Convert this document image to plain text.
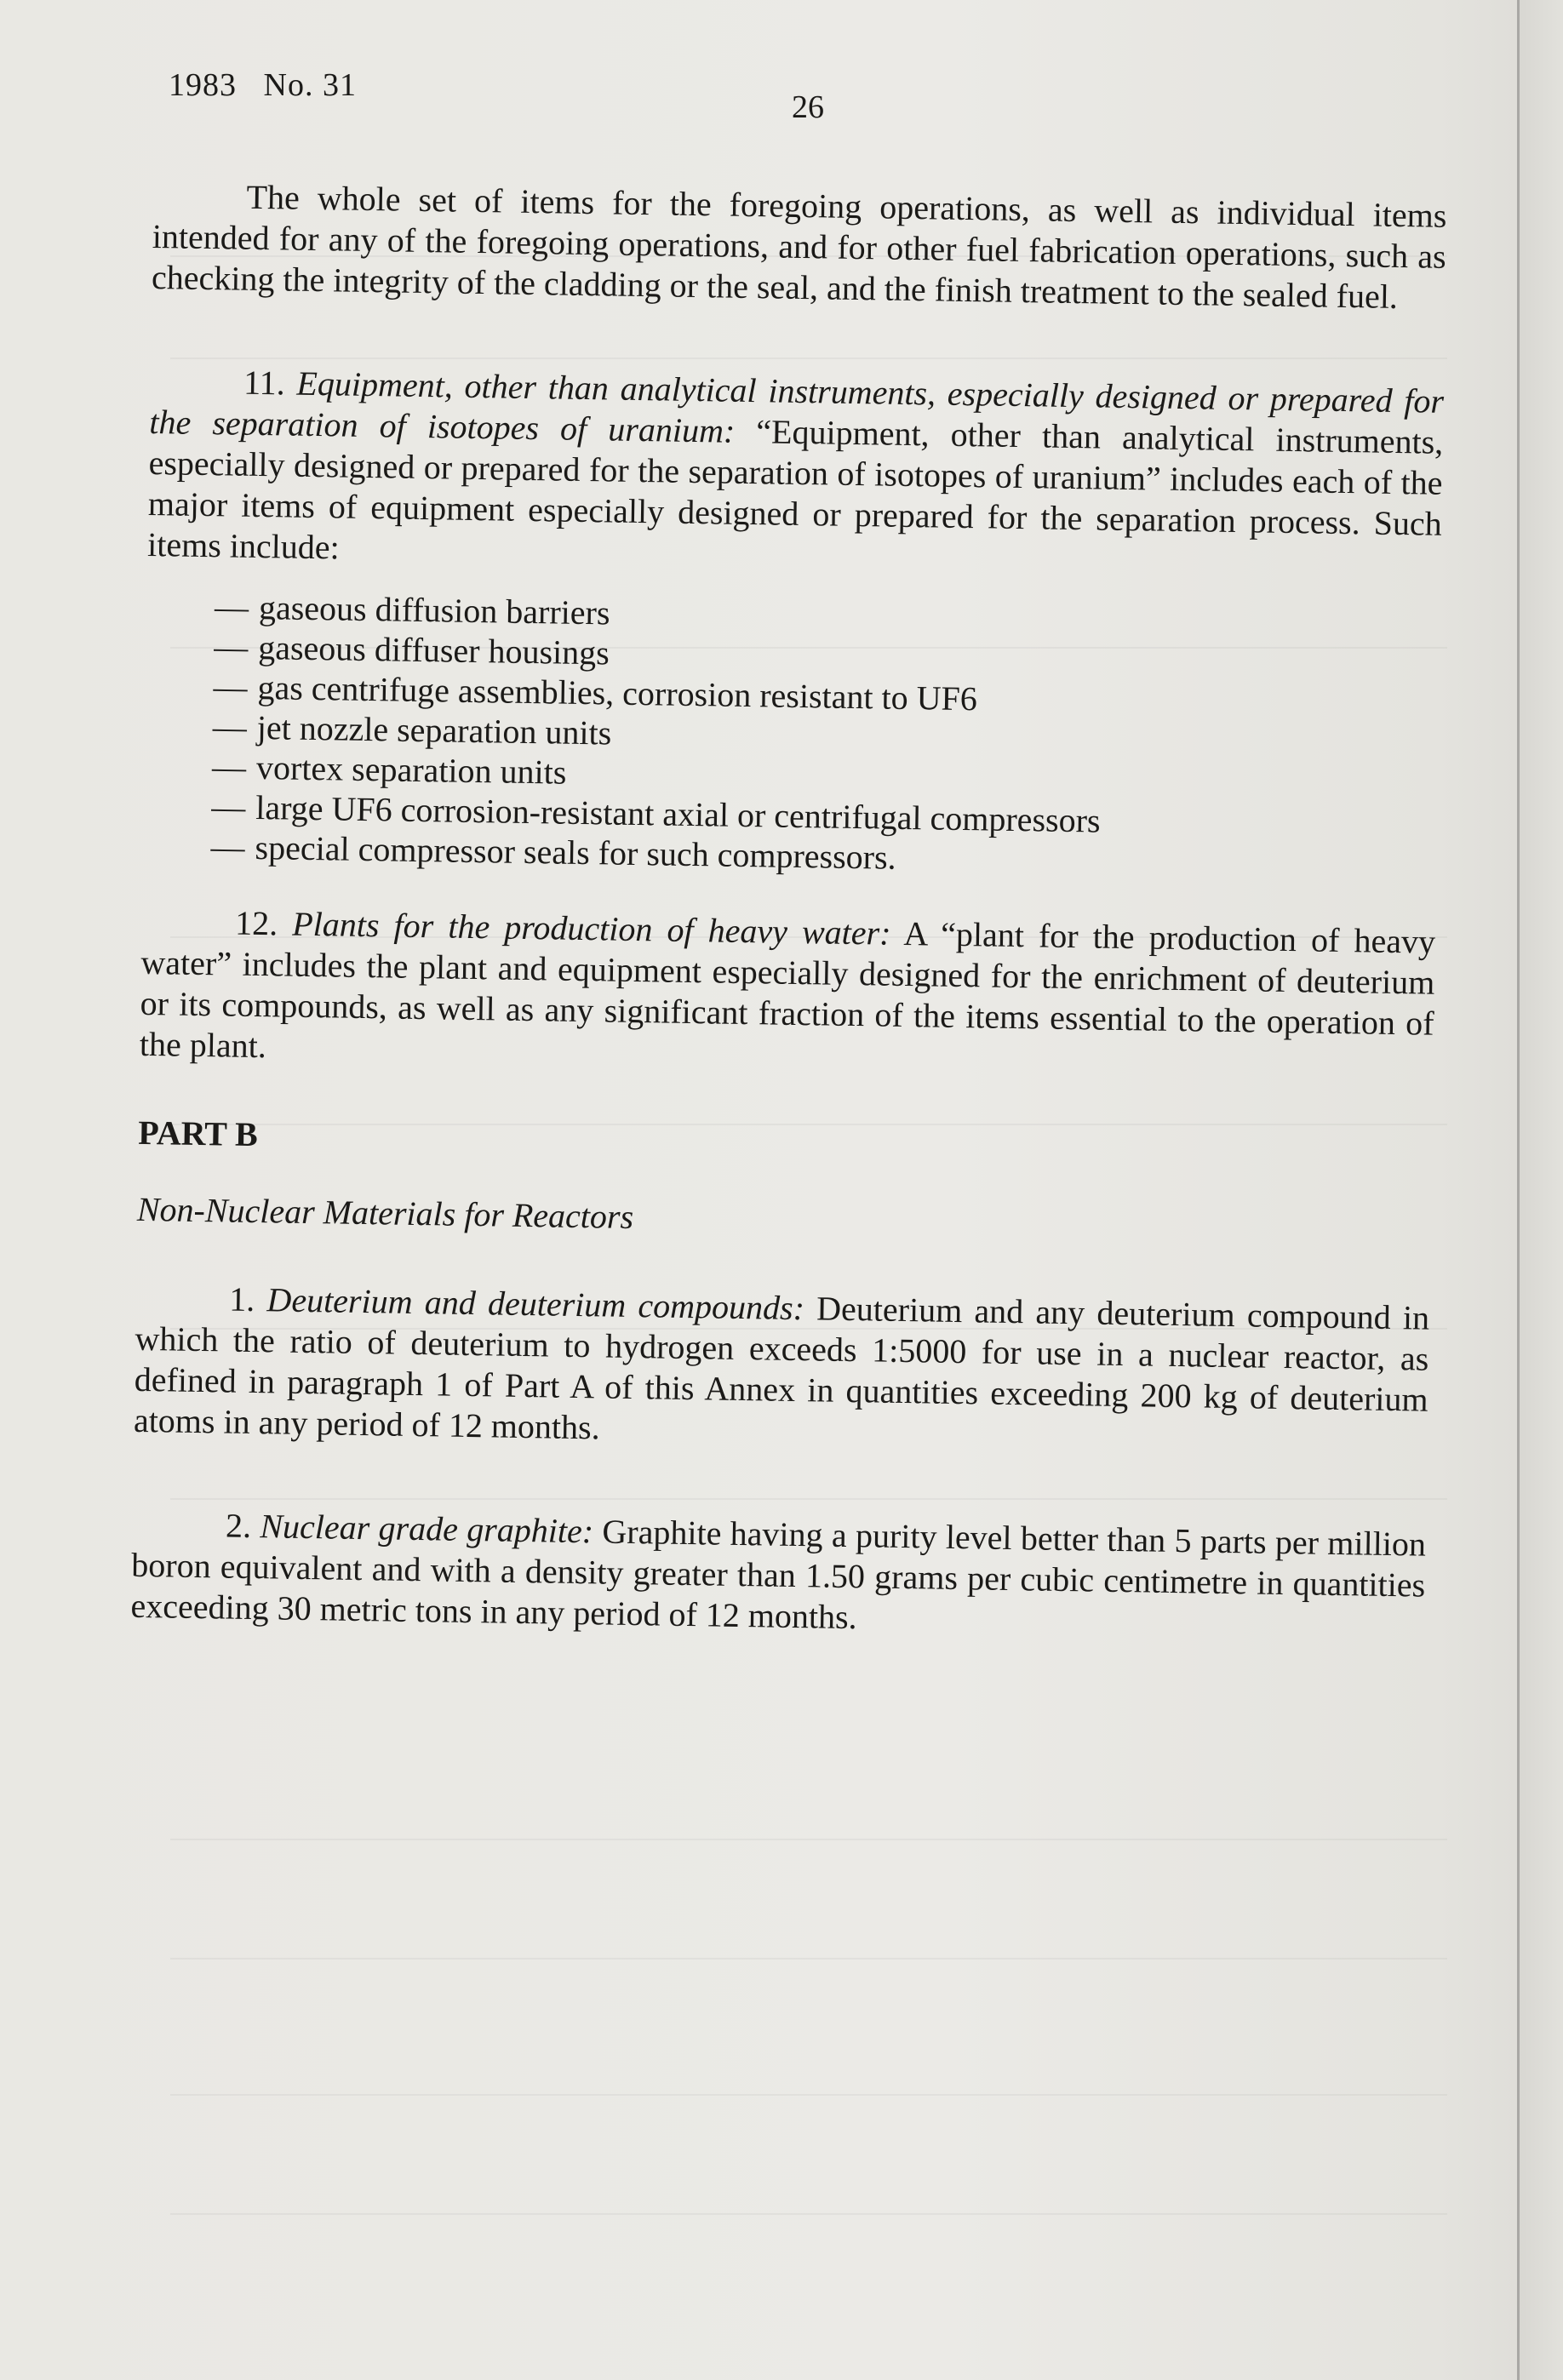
1983   No. 31
26

The whole set of items for the foregoing operations, as well as individual items intended for any of the foregoing operations, and for other fuel fabrication operations, such as checking the integrity of the cladding or the seal, and the finish treatment to the sealed fuel.

11. Equipment, other than analytical instruments, especially designed or prepared for the separation of isotopes of uranium: “Equipment, other than analytical instruments, especially designed or prepared for the separation of isotopes of uranium” includes each of the major items of equipment especially designed or prepared for the separation process. Such items include:

— gaseous diffusion barriers
— gaseous diffuser housings
— gas centrifuge assemblies, corrosion resistant to UF6
— jet nozzle separation units
— vortex separation units
— large UF6 corrosion-resistant axial or centrifugal compressors
— special compressor seals for such compressors.

12. Plants for the production of heavy water: A “plant for the production of heavy water” includes the plant and equipment especially designed for the enrichment of deuterium or its compounds, as well as any significant fraction of the items essential to the operation of the plant.

PART B
Non-Nuclear Materials for Reactors

1. Deuterium and deuterium compounds: Deuterium and any deuterium compound in which the ratio of deuterium to hydrogen exceeds 1:5000 for use in a nuclear reactor, as defined in paragraph 1 of Part A of this Annex in quantities exceeding 200 kg of deuterium atoms in any period of 12 months.

2. Nuclear grade graphite: Graphite having a purity level better than 5 parts per million boron equivalent and with a density greater than 1.50 grams per cubic centimetre in quantities exceeding 30 metric tons in any period of 12 months.
